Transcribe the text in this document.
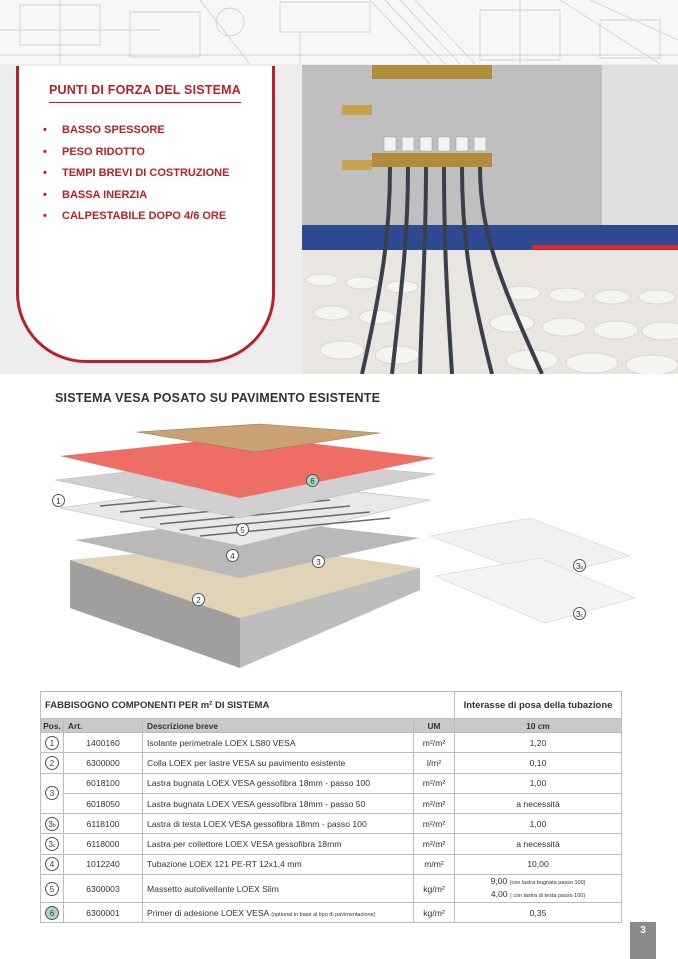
PUNTI DI FORZA DEL SISTEMA
• BASSO SPESSORE
• PESO RIDOTTO
• TEMPI BREVI DI COSTRUZIONE
• BASSA INERZIA
• CALPESTABILE DOPO 4/6 ORE
SISTEMA VESA POSATO SU PAVIMENTO ESISTENTE
1
2
3
4
5
6
3b
3c
FABBISOGNO COMPONENTI PER m² DI SISTEMA				Interasse di posa della tubazione
Pos.	Art.	Descrizione breve	UM	10 cm
1	1400160	Isolante perimetrale LOEX LS80 VESA	m²/m²	1,20
2	6300000	Colla LOEX per lastre VESA su pavimento esistente	l/m²	0,10
3	6018100	Lastra bugnata LOEX VESA gessofibra 18mm - passo 100	m²/m²	1,00
	6018050	Lastra bugnata LOEX VESA gessofibra 18mm - passo 50	m²/m²	a necessità
3b	6118100	Lastra di testa LOEX VESA gessofibra 18mm - passo 100	m²/m²	1,00
3c	6118000	Lastra per collettore LOEX VESA gessofibra 18mm	m²/m²	a necessità
4	1012240	Tubazione LOEX 121 PE-RT 12x1,4 mm	m/m²	10,00
5	6300003	Massetto autolivellante LOEX Slim	kg/m²	9,00 (con lastra bugnata passo 100)
4,00 ( con lastra di testa passo 100)

6	6300001	Primer di adesione LOEX VESA (optional in base al tipo di pavimentazione)	kg/m²	0,35
3
